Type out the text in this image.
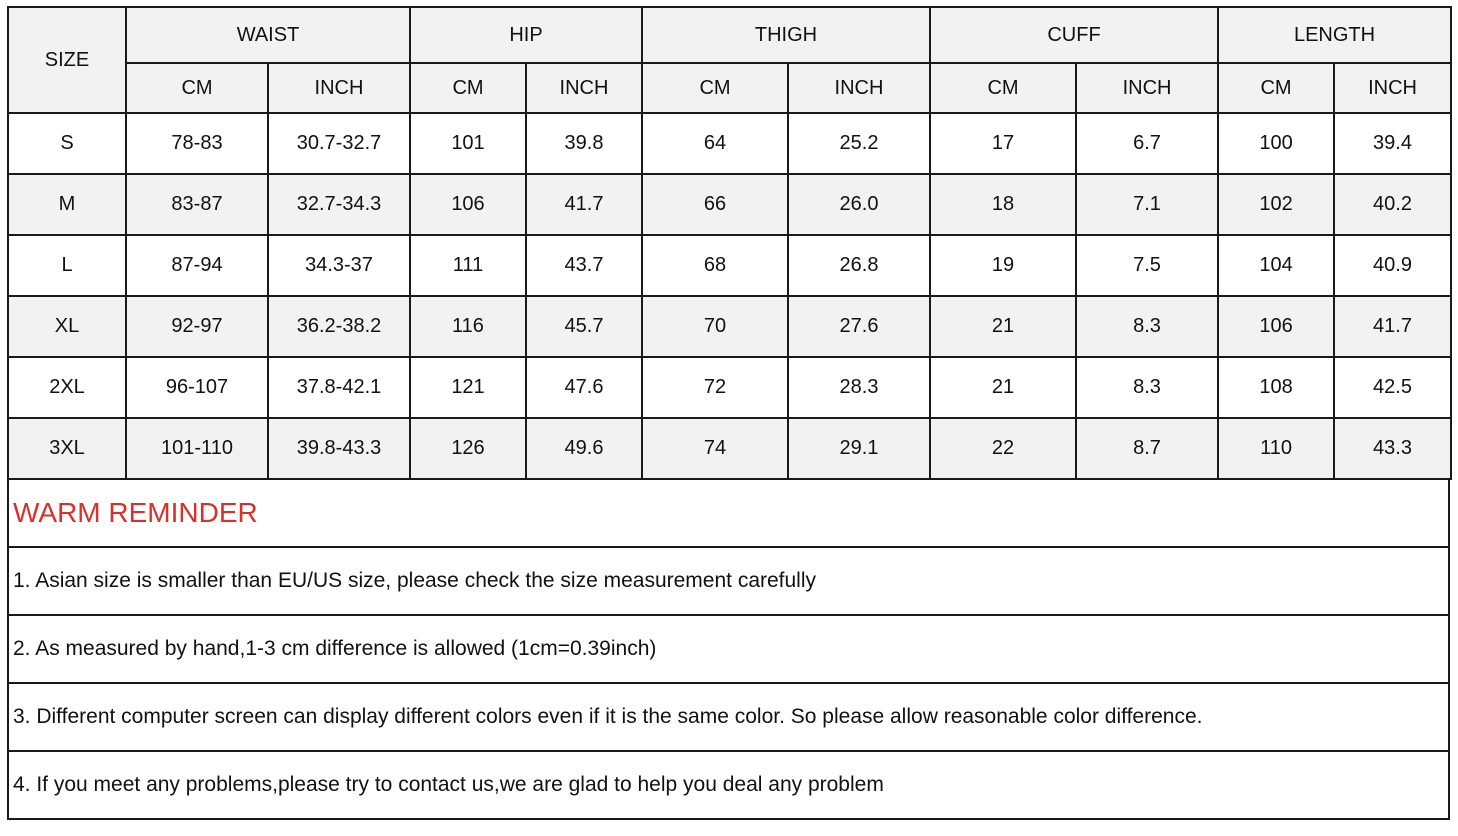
SIZE	WAIST		HIP		THIGH		CUFF		LENGTH	
	CM	INCH	CM	INCH	CM	INCH	CM	INCH	CM	INCH
S	78-83	30.7-32.7	101	39.8	64	25.2	17	6.7	100	39.4
M	83-87	32.7-34.3	106	41.7	66	26.0	18	7.1	102	40.2
L	87-94	34.3-37	111	43.7	68	26.8	19	7.5	104	40.9
XL	92-97	36.2-38.2	116	45.7	70	27.6	21	8.3	106	41.7
2XL	96-107	37.8-42.1	121	47.6	72	28.3	21	8.3	108	42.5
3XL	101-110	39.8-43.3	126	49.6	74	29.1	22	8.7	110	43.3
WARM REMINDER
1. Asian size is smaller than EU/US size, please check the size measurement carefully
2. As measured by hand,1-3 cm difference is allowed (1cm=0.39inch)
3. Different computer screen can display different colors even if it is the same color. So please allow reasonable color difference.
4. If you meet any problems,please try to contact us,we are glad to help you deal any problem
